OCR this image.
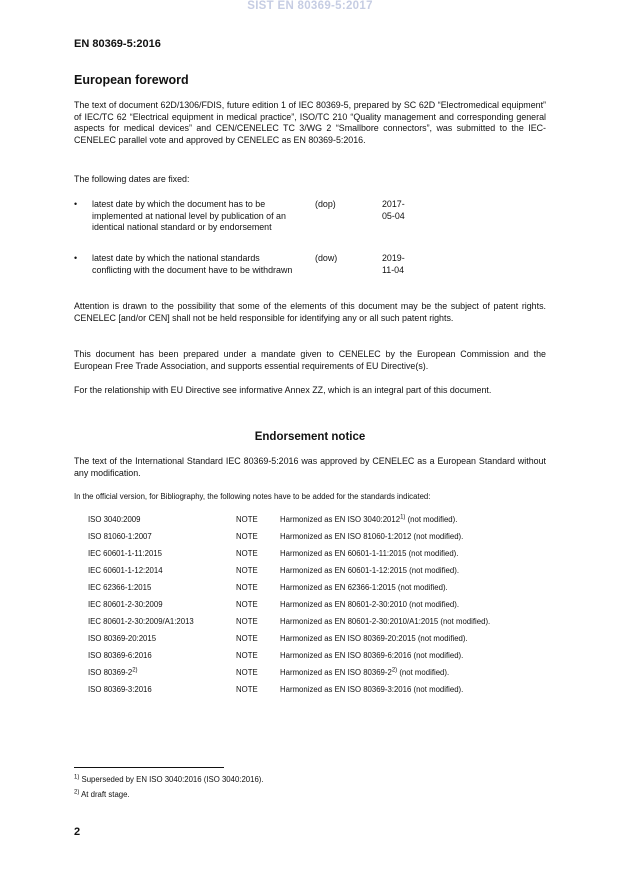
SIST EN 80369-5:2017
EN 80369-5:2016
European foreword
The text of document 62D/1306/FDIS, future edition 1 of IEC 80369-5, prepared by SC 62D “Electromedical equipment” of IEC/TC 62 “Electrical equipment in medical practice”, ISO/TC 210 “Quality management and corresponding general aspects for medical devices” and CEN/CENELEC TC 3/WG 2 “Smallbore connectors”, was submitted to the IEC-CENELEC parallel vote and approved by CENELEC as EN 80369-5:2016.
The following dates are fixed:
• latest date by which the document has to be implemented at national level by publication of an identical national standard or by endorsement
(dop)	2017-05-04
• latest date by which the national standards conflicting with the document have to be withdrawn
(dow)	2019-11-04
Attention is drawn to the possibility that some of the elements of this document may be the subject of patent rights. CENELEC [and/or CEN] shall not be held responsible for identifying any or all such patent rights.
This document has been prepared under a mandate given to CENELEC by the European Commission and the European Free Trade Association, and supports essential requirements of EU Directive(s).
For the relationship with EU Directive see informative Annex ZZ, which is an integral part of this document.
Endorsement notice
The text of the International Standard IEC 80369-5:2016 was approved by CENELEC as a European Standard without any modification.
In the official version, for Bibliography, the following notes have to be added for the standards indicated:
ISO 3040:2009	NOTE	Harmonized as EN ISO 3040:2012$^{1)}$ (not modified).
ISO 81060-1:2007	NOTE	Harmonized as EN ISO 81060-1:2012 (not modified).
IEC 60601-1-11:2015	NOTE	Harmonized as EN 60601-1-11:2015 (not modified).
IEC 60601-1-12:2014	NOTE	Harmonized as EN 60601-1-12:2015 (not modified).
IEC 62366-1:2015	NOTE	Harmonized as EN 62366-1:2015 (not modified).
IEC 80601-2-30:2009	NOTE	Harmonized as EN 80601-2-30:2010 (not modified).
IEC 80601-2-30:2009/A1:2013	NOTE	Harmonized as EN 80601-2-30:2010/A1:2015 (not modified).
ISO 80369-20:2015	NOTE	Harmonized as EN ISO 80369-20:2015 (not modified).
ISO 80369-6:2016	NOTE	Harmonized as EN ISO 80369-6:2016 (not modified).
ISO 80369-2$^{2)}$	NOTE	Harmonized as EN ISO 80369-2$^{2)}$ (not modified).
ISO 80369-3:2016	NOTE	Harmonized as EN ISO 80369-3:2016 (not modified).
$^{1)}$ Superseded by EN ISO 3040:2016 (ISO 3040:2016).
$^{2)}$ At draft stage.
2
